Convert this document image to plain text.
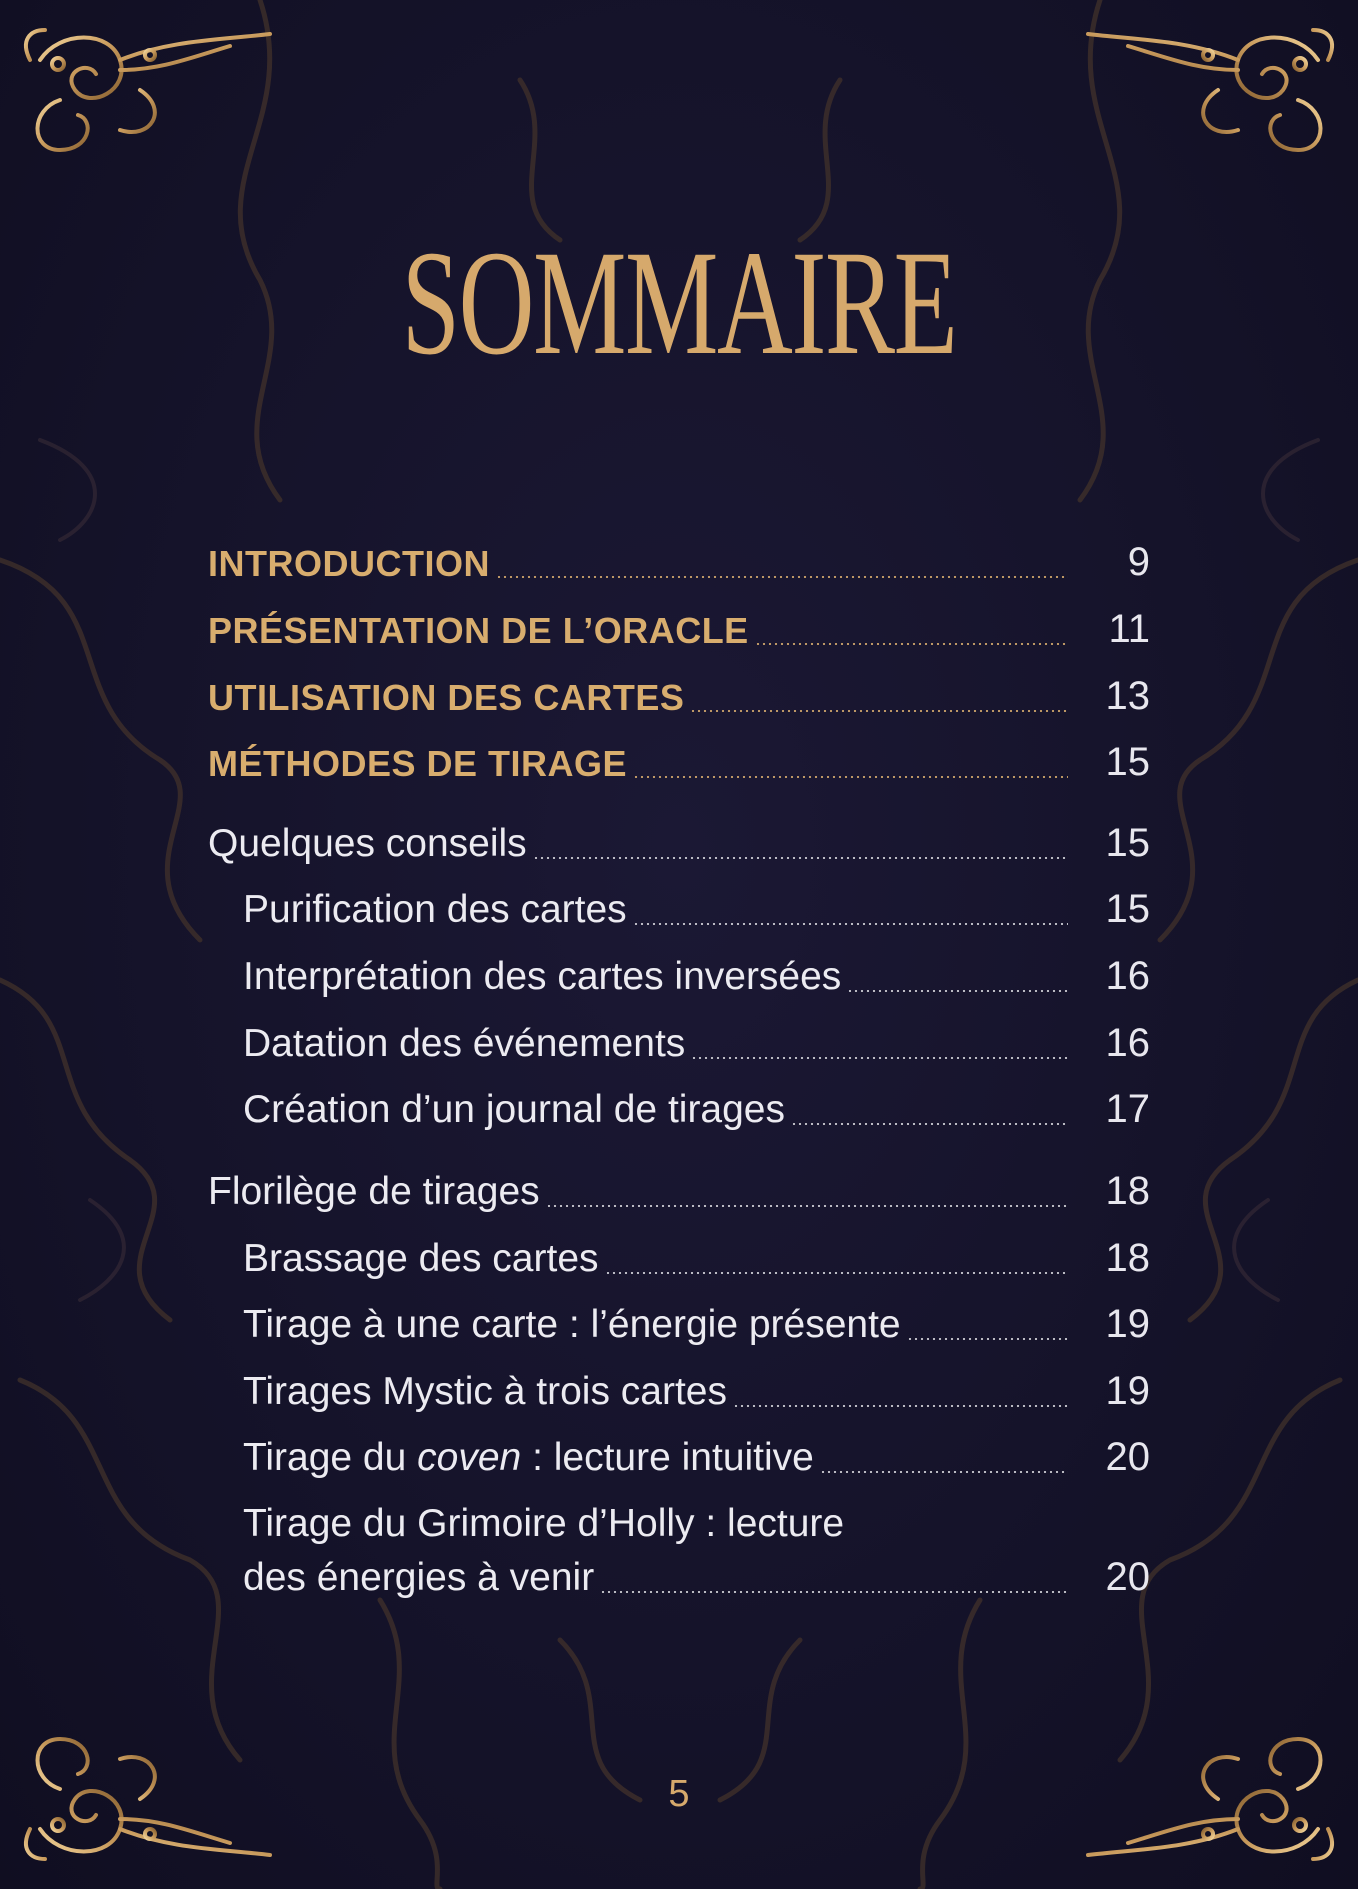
SOMMAIRE
INTRODUCTION	9
PRÉSENTATION DE L’ORACLE	11
UTILISATION DES CARTES	13
MÉTHODES DE TIRAGE	15
Quelques conseils	15
Purification des cartes	15
Interprétation des cartes inversées	16
Datation des événements	16
Création d’un journal de tirages	17
Florilège de tirages	18
Brassage des cartes	18
Tirage à une carte : l’énergie présente	19
Tirages Mystic à trois cartes	19
Tirage du coven : lecture intuitive	20
Tirage du Grimoire d’Holly : lecture
des énergies à venir	20
5
